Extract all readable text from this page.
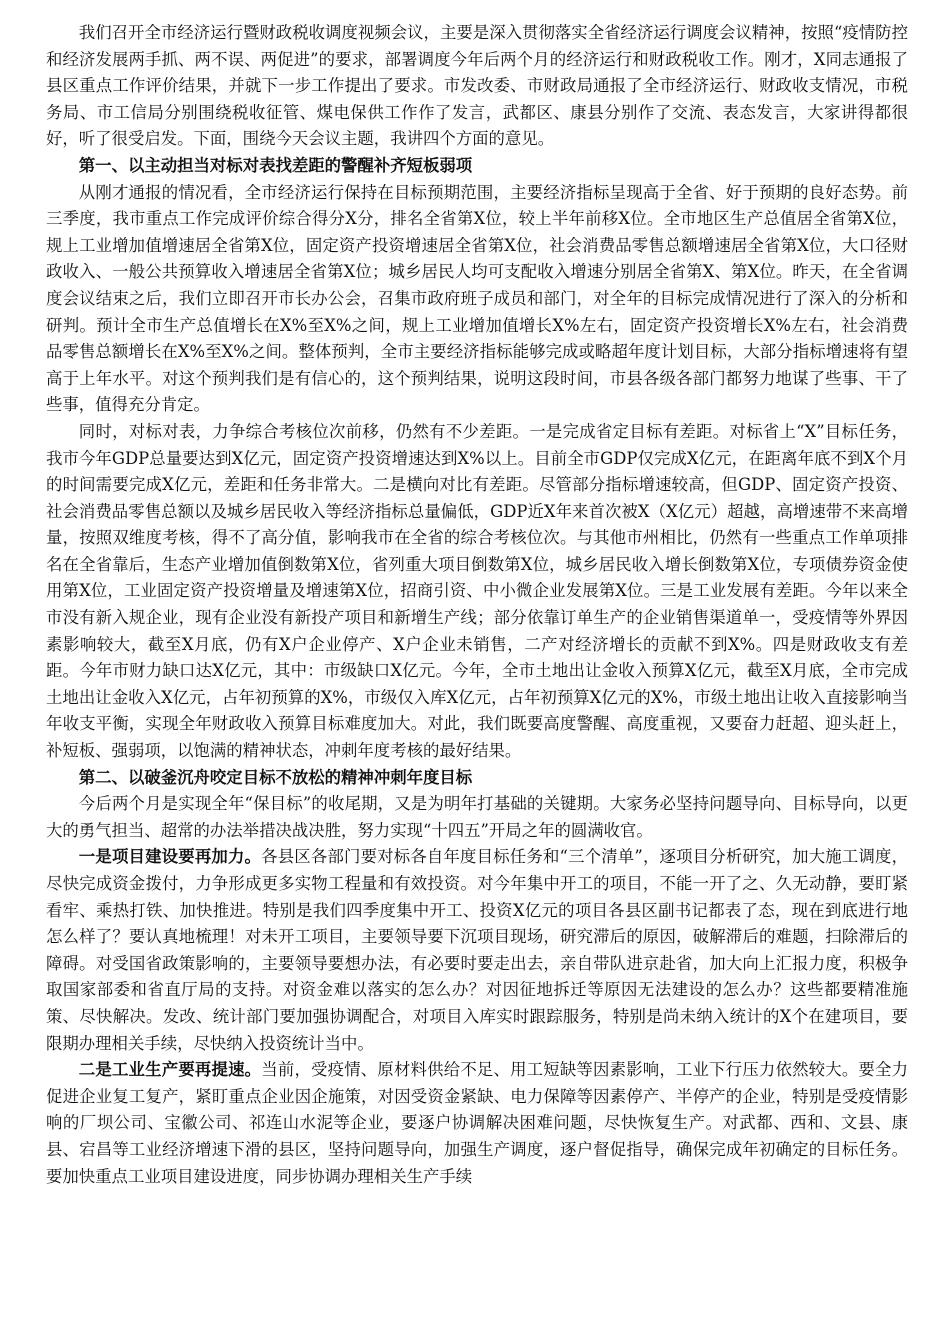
我们召开全市经济运行暨财政税收调度视频会议，主要是深入贯彻落实全省经济运行调度会议精神，按照“疫情防控和经济发展两手抓、两不误、两促进”的要求，部署调度今年后两个月的经济运行和财政税收工作。刚才，X同志通报了县区重点工作评价结果，并就下一步工作提出了要求。市发改委、市财政局通报了全市经济运行、财政收支情况，市税务局、市工信局分别围绕税收征管、煤电保供工作作了发言，武都区、康县分别作了交流、表态发言，大家讲得都很好，听了很受启发。下面，围绕今天会议主题，我讲四个方面的意见。

第一、以主动担当对标对表找差距的警醒补齐短板弱项

从刚才通报的情况看，全市经济运行保持在目标预期范围，主要经济指标呈现高于全省、好于预期的良好态势。前三季度，我市重点工作完成评价综合得分X分，排名全省第X位，较上半年前移X位。全市地区生产总值居全省第X位，规上工业增加值增速居全省第X位，固定资产投资增速居全省第X位，社会消费品零售总额增速居全省第X位，大口径财政收入、一般公共预算收入增速居全省第X位；城乡居民人均可支配收入增速分别居全省第X、第X位。昨天，在全省调度会议结束之后，我们立即召开市长办公会，召集市政府班子成员和部门，对全年的目标完成情况进行了深入的分析和研判。预计全市生产总值增长在X%至X%之间，规上工业增加值增长X%左右，固定资产投资增长X%左右，社会消费品零售总额增长在X%至X%之间。整体预判，全市主要经济指标能够完成或略超年度计划目标，大部分指标增速将有望高于上年水平。对这个预判我们是有信心的，这个预判结果，说明这段时间，市县各级各部门都努力地谋了些事、干了些事，值得充分肯定。

同时，对标对表，力争综合考核位次前移，仍然有不少差距。一是完成省定目标有差距。对标省上“X”目标任务，我市今年GDP总量要达到X亿元，固定资产投资增速达到X%以上。目前全市GDP仅完成X亿元，在距离年底不到X个月的时间需要完成X亿元，差距和任务非常大。二是横向对比有差距。尽管部分指标增速较高，但GDP、固定资产投资、社会消费品零售总额以及城乡居民收入等经济指标总量偏低，GDP近X年来首次被X（X亿元）超越，高增速带不来高增量，按照双维度考核，得不了高分值，影响我市在全省的综合考核位次。与其他市州相比，仍然有一些重点工作单项排名在全省靠后，生态产业增加值倒数第X位，省列重大项目倒数第X位，城乡居民收入增长倒数第X位，专项债券资金使用第X位，工业固定资产投资增量及增速第X位，招商引资、中小微企业发展第X位。三是工业发展有差距。今年以来全市没有新入规企业，现有企业没有新投产项目和新增生产线；部分依靠订单生产的企业销售渠道单一，受疫情等外界因素影响较大，截至X月底，仍有X户企业停产、X户企业未销售，二产对经济增长的贡献不到X%。四是财政收支有差距。今年市财力缺口达X亿元，其中：市级缺口X亿元。今年，全市土地出让金收入预算X亿元，截至X月底，全市完成土地出让金收入X亿元，占年初预算的X%，市级仅入库X亿元，占年初预算X亿元的X%，市级土地出让收入直接影响当年收支平衡，实现全年财政收入预算目标难度加大。对此，我们既要高度警醒、高度重视，又要奋力赶超、迎头赶上，补短板、强弱项，以饱满的精神状态，冲刺年度考核的最好结果。

第二、以破釜沉舟咬定目标不放松的精神冲刺年度目标

今后两个月是实现全年“保目标”的收尾期，又是为明年打基础的关键期。大家务必坚持问题导向、目标导向，以更大的勇气担当、超常的办法举措决战决胜，努力实现“十四五”开局之年的圆满收官。

一是项目建设要再加力。各县区各部门要对标各自年度目标任务和“三个清单”，逐项目分析研究，加大施工调度，尽快完成资金拨付，力争形成更多实物工程量和有效投资。对今年集中开工的项目，不能一开了之、久无动静，要盯紧看牢、乘热打铁、加快推进。特别是我们四季度集中开工、投资X亿元的项目各县区副书记都表了态，现在到底进行地怎么样了？要认真地梳理！对未开工项目，主要领导要下沉项目现场，研究滞后的原因，破解滞后的难题，扫除滞后的障碍。对受国省政策影响的，主要领导要想办法，有必要时要走出去，亲自带队进京赴省，加大向上汇报力度，积极争取国家部委和省直厅局的支持。对资金难以落实的怎么办？对因征地拆迁等原因无法建设的怎么办？这些都要精准施策、尽快解决。发改、统计部门要加强协调配合，对项目入库实时跟踪服务，特别是尚未纳入统计的X个在建项目，要限期办理相关手续，尽快纳入投资统计当中。

二是工业生产要再提速。当前，受疫情、原材料供给不足、用工短缺等因素影响，工业下行压力依然较大。要全力促进企业复工复产，紧盯重点企业因企施策，对因受资金紧缺、电力保障等因素停产、半停产的企业，特别是受疫情影响的厂坝公司、宝徽公司、祁连山水泥等企业，要逐户协调解决困难问题，尽快恢复生产。对武都、西和、文县、康县、宕昌等工业经济增速下滑的县区，坚持问题导向，加强生产调度，逐户督促指导，确保完成年初确定的目标任务。要加快重点工业项目建设进度，同步协调办理相关生产手续
